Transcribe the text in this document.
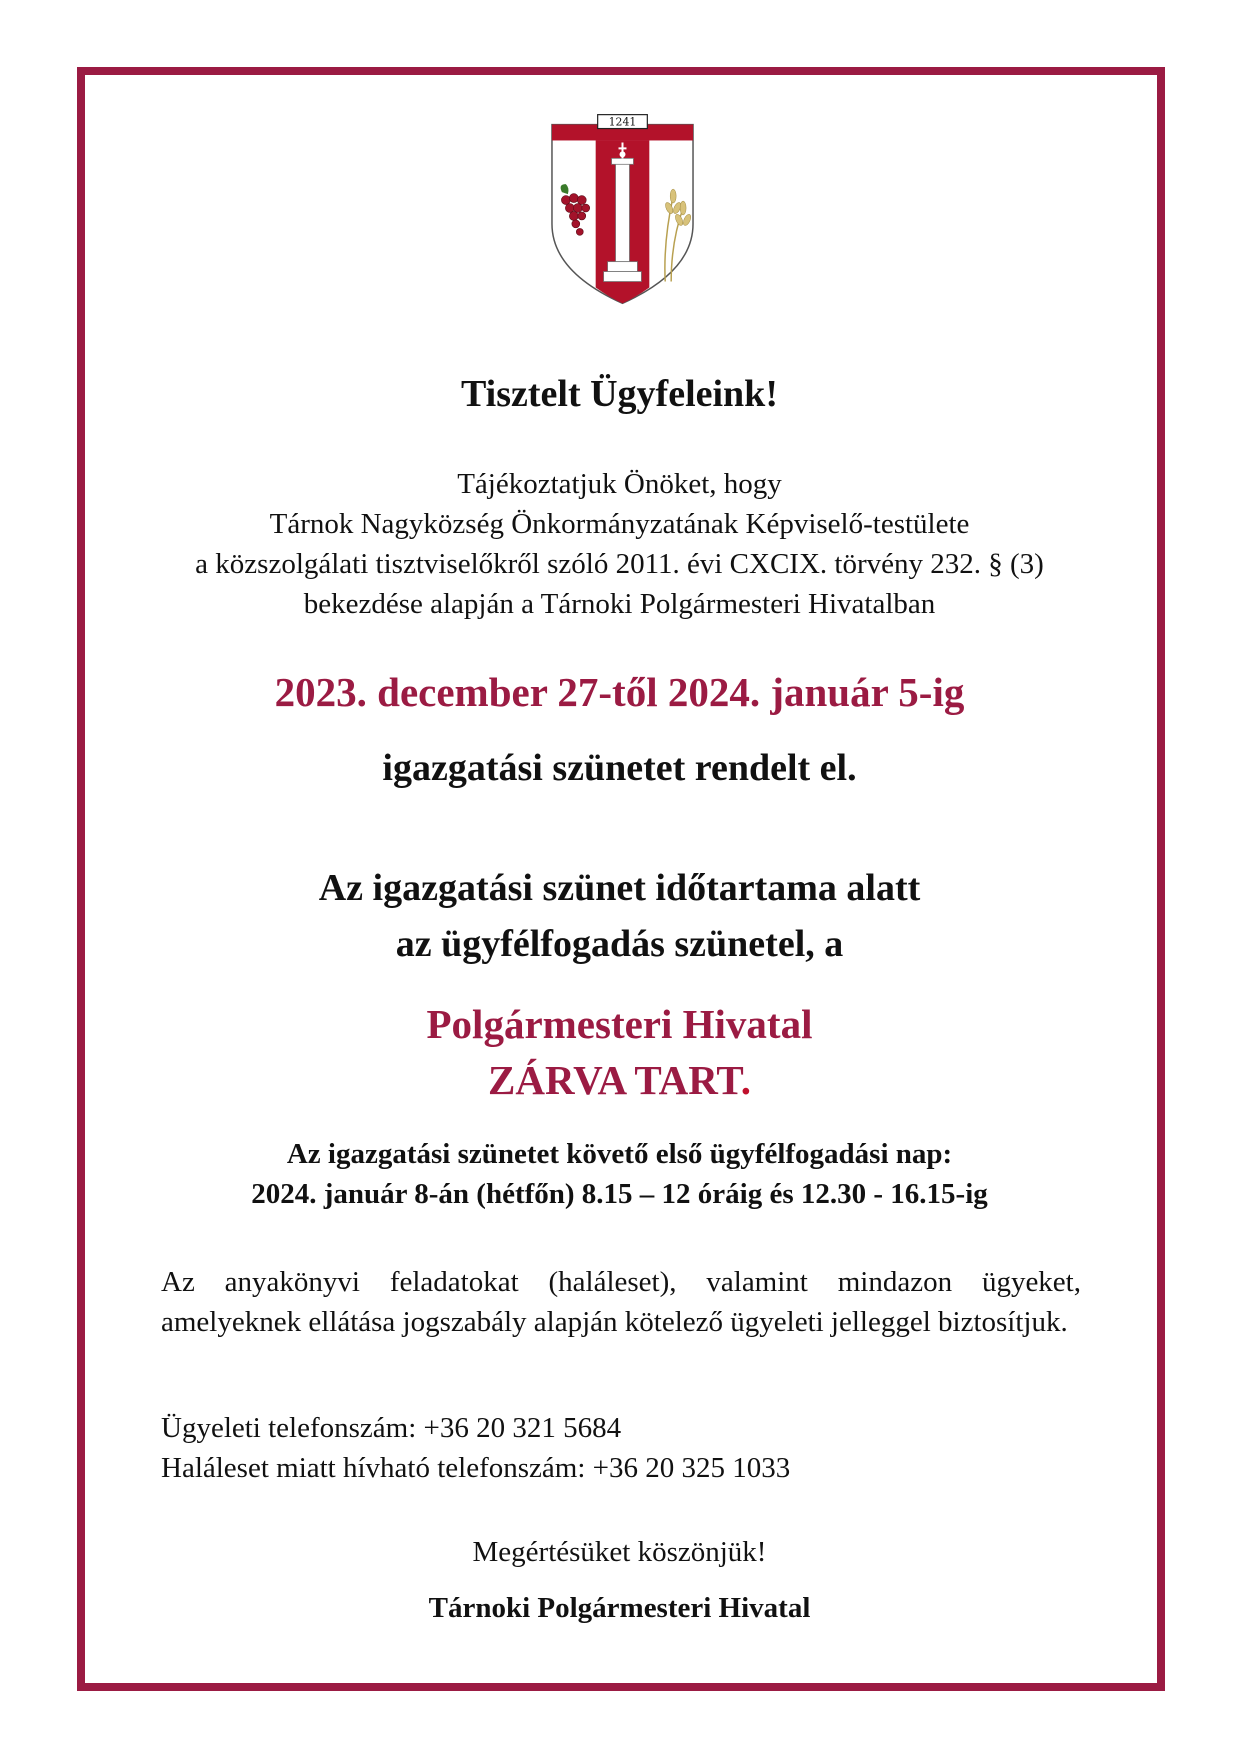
1241
Tisztelt Ügyfeleink!
Tájékoztatjuk Önöket, hogy
Tárnok Nagyközség Önkormányzatának Képviselő-testülete
a közszolgálati tisztviselőkről szóló 2011. évi CXCIX. törvény 232. § (3)
bekezdése alapján a Tárnoki Polgármesteri Hivatalban
2023. december 27-től 2024. január 5-ig
igazgatási szünetet rendelt el.
Az igazgatási szünet időtartama alatt
az ügyfélfogadás szünetel, a
Polgármesteri Hivatal
ZÁRVA TART.
Az igazgatási szünetet követő első ügyfélfogadási nap:
2024. január 8-án (hétfőn) 8.15 – 12 óráig és 12.30 - 16.15-ig
Az anyakönyvi feladatokat (haláleset), valamint mindazon ügyeket, amelyeknek ellátása jogszabály alapján kötelező ügyeleti jelleggel biztosítjuk.
Ügyeleti telefonszám: +36 20 321 5684
Haláleset miatt hívható telefonszám: +36 20 325 1033
Megértésüket köszönjük!
Tárnoki Polgármesteri Hivatal
